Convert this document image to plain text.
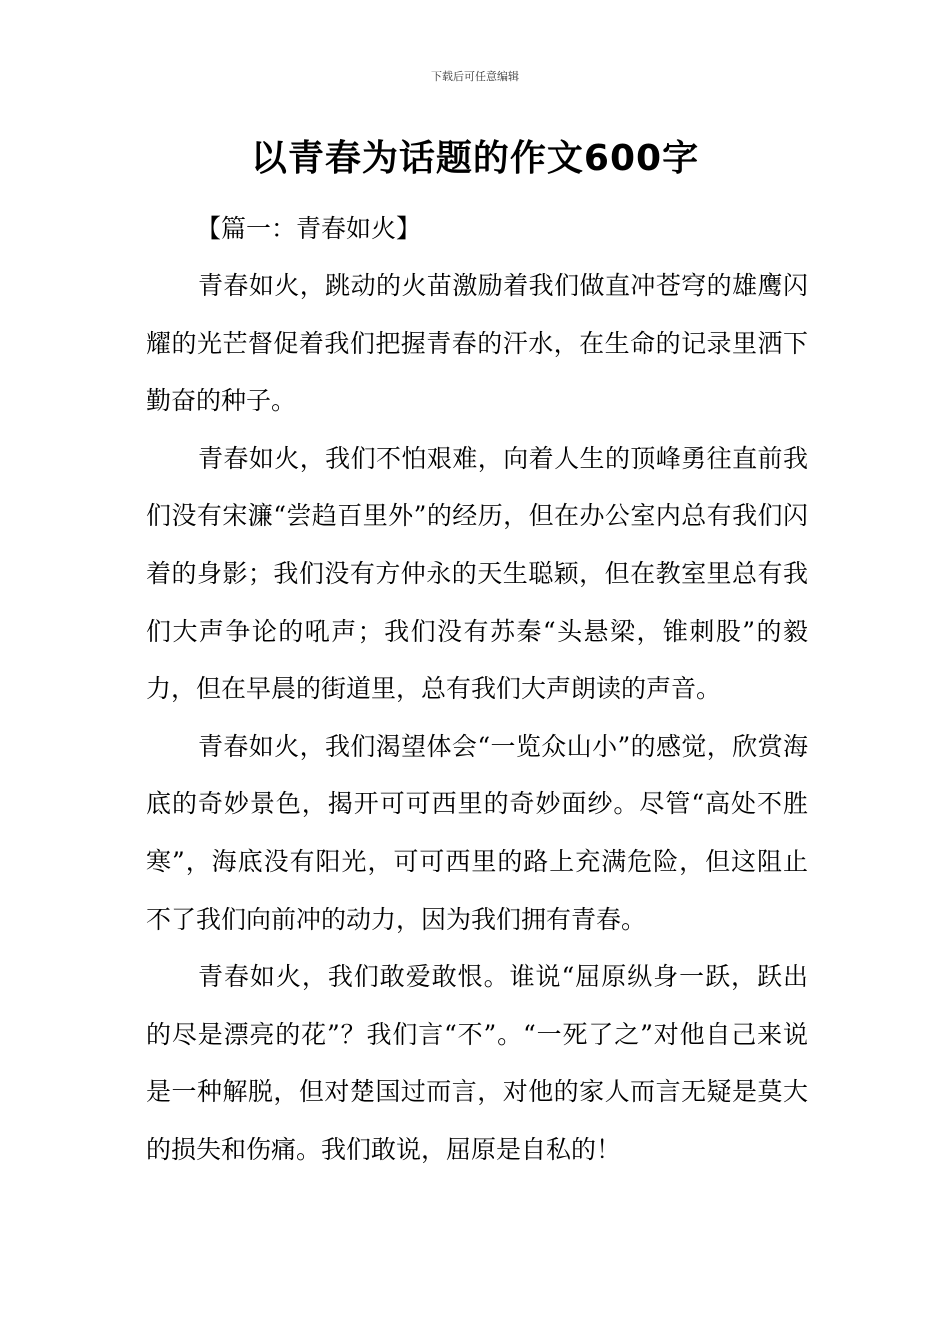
下载后可任意编辑
以青春为话题的作文600字

【篇一：青春如火】

青春如火，跳动的火苗激励着我们做直冲苍穹的雄鹰闪耀的光芒督促着我们把握青春的汗水，在生命的记录里洒下勤奋的种子。

青春如火，我们不怕艰难，向着人生的顶峰勇往直前我们没有宋濂“尝趋百里外”的经历，但在办公室内总有我们闪着的身影；我们没有方仲永的天生聪颖，但在教室里总有我们大声争论的吼声；我们没有苏秦“头悬梁，锥刺股”的毅力，但在早晨的街道里，总有我们大声朗读的声音。

青春如火，我们渴望体会“一览众山小”的感觉，欣赏海底的奇妙景色，揭开可可西里的奇妙面纱。尽管“高处不胜寒”，海底没有阳光，可可西里的路上充满危险，但这阻止不了我们向前冲的动力，因为我们拥有青春。

青春如火，我们敢爱敢恨。谁说“屈原纵身一跃，跃出的尽是漂亮的花”？我们言“不”。“一死了之”对他自己来说是一种解脱，但对楚国过而言，对他的家人而言无疑是莫大的损失和伤痛。我们敢说，屈原是自私的！
